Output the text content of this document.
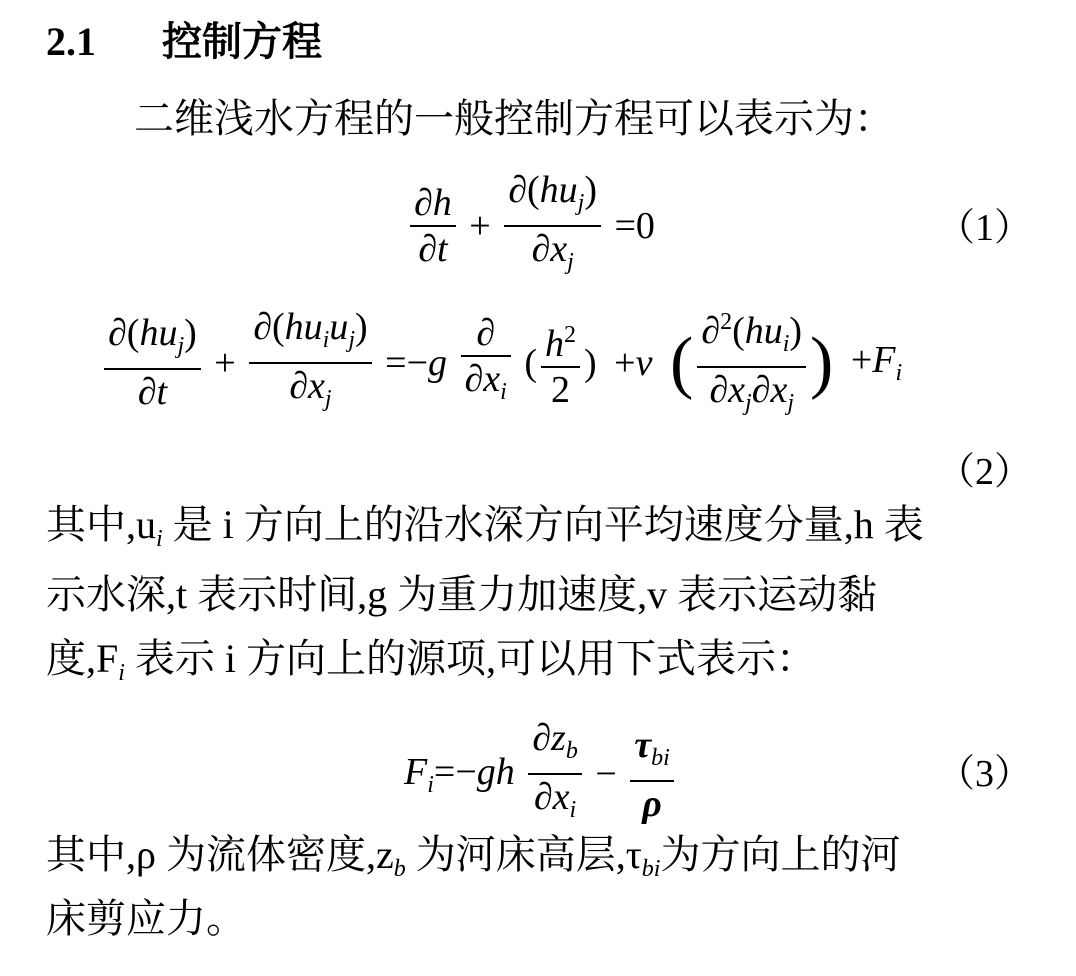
2.1 控制方程
二维浅水方程的一般控制方程可以表示为：
$\frac{\partial h}{\partial t} + \frac{\partial(hu_j)}{\partial x_j} =0$	（1）
$\frac{\partial(hu_j)}{\partial t} + \frac{\partial(hu_iu_j)}{\partial x_j} =-g \frac{\partial}{\partial x_i}$ ( $\frac{h^2}{2}$ ) +v ( $\frac{\partial^2(hu_i)}{\partial x_j\partial x_j}$ ) $+F_i$
（2）
其中$,u_i$ 是 i 方向上的沿水深方向平均速度分量,h 表
示水深,t 表示时间,g 为重力加速度,v 表示运动黏
度$,F_i$ 表示 i 方向上的源项,可以用下式表示：
$F_i=-gh \frac{\partial z_b}{\partial x_i} - \frac{\tau_{bi}}{\rho}$	（3）
其中,ρ 为流体密度$,z_b$ 为河床高层$,\tau_{bi}$为方向上的河
床剪应力。
